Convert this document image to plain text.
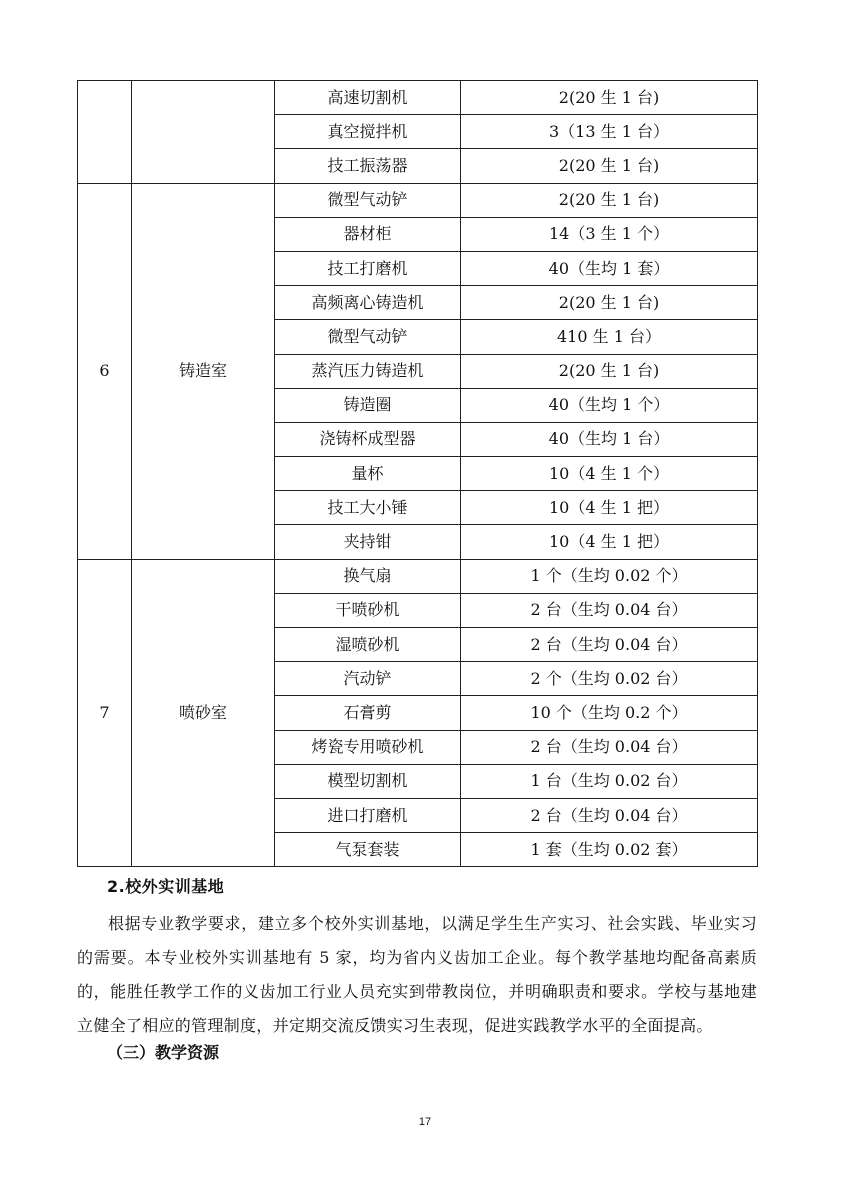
		高速切割机	2(20 生 1 台)
		真空搅拌机	3（13 生 1 台）
		技工振荡器	2(20 生 1 台)
6	铸造室	微型气动铲	2(20 生 1 台)
		器材柜	14（3 生 1 个）
		技工打磨机	40（生均 1 套）
		高频离心铸造机	2(20 生 1 台)
		微型气动铲	410 生 1 台）
		蒸汽压力铸造机	2(20 生 1 台)
		铸造圈	40（生均 1 个）
		浇铸杯成型器	40（生均 1 台）
		量杯	10（4 生 1 个）
		技工大小锤	10（4 生 1 把）
		夹持钳	10（4 生 1 把）
7	喷砂室	换气扇	1 个（生均 0.02 个）
		干喷砂机	2 台（生均 0.04 台）
		湿喷砂机	2 台（生均 0.04 台）
		汽动铲	2 个（生均 0.02 台）
		石膏剪	10 个（生均 0.2 个）
		烤瓷专用喷砂机	2 台（生均 0.04 台）
		模型切割机	1 台（生均 0.02 台）
		进口打磨机	2 台（生均 0.04 台）
		气泵套装	1 套（生均 0.02 套）
2.校外实训基地

根据专业教学要求，建立多个校外实训基地，以满足学生生产实习、社会实践、毕业实习的需要。本专业校外实训基地有 5 家，均为省内义齿加工企业。每个教学基地均配备高素质的，能胜任教学工作的义齿加工行业人员充实到带教岗位，并明确职责和要求。学校与基地建立健全了相应的管理制度，并定期交流反馈实习生表现，促进实践教学水平的全面提高。

（三）教学资源
17
